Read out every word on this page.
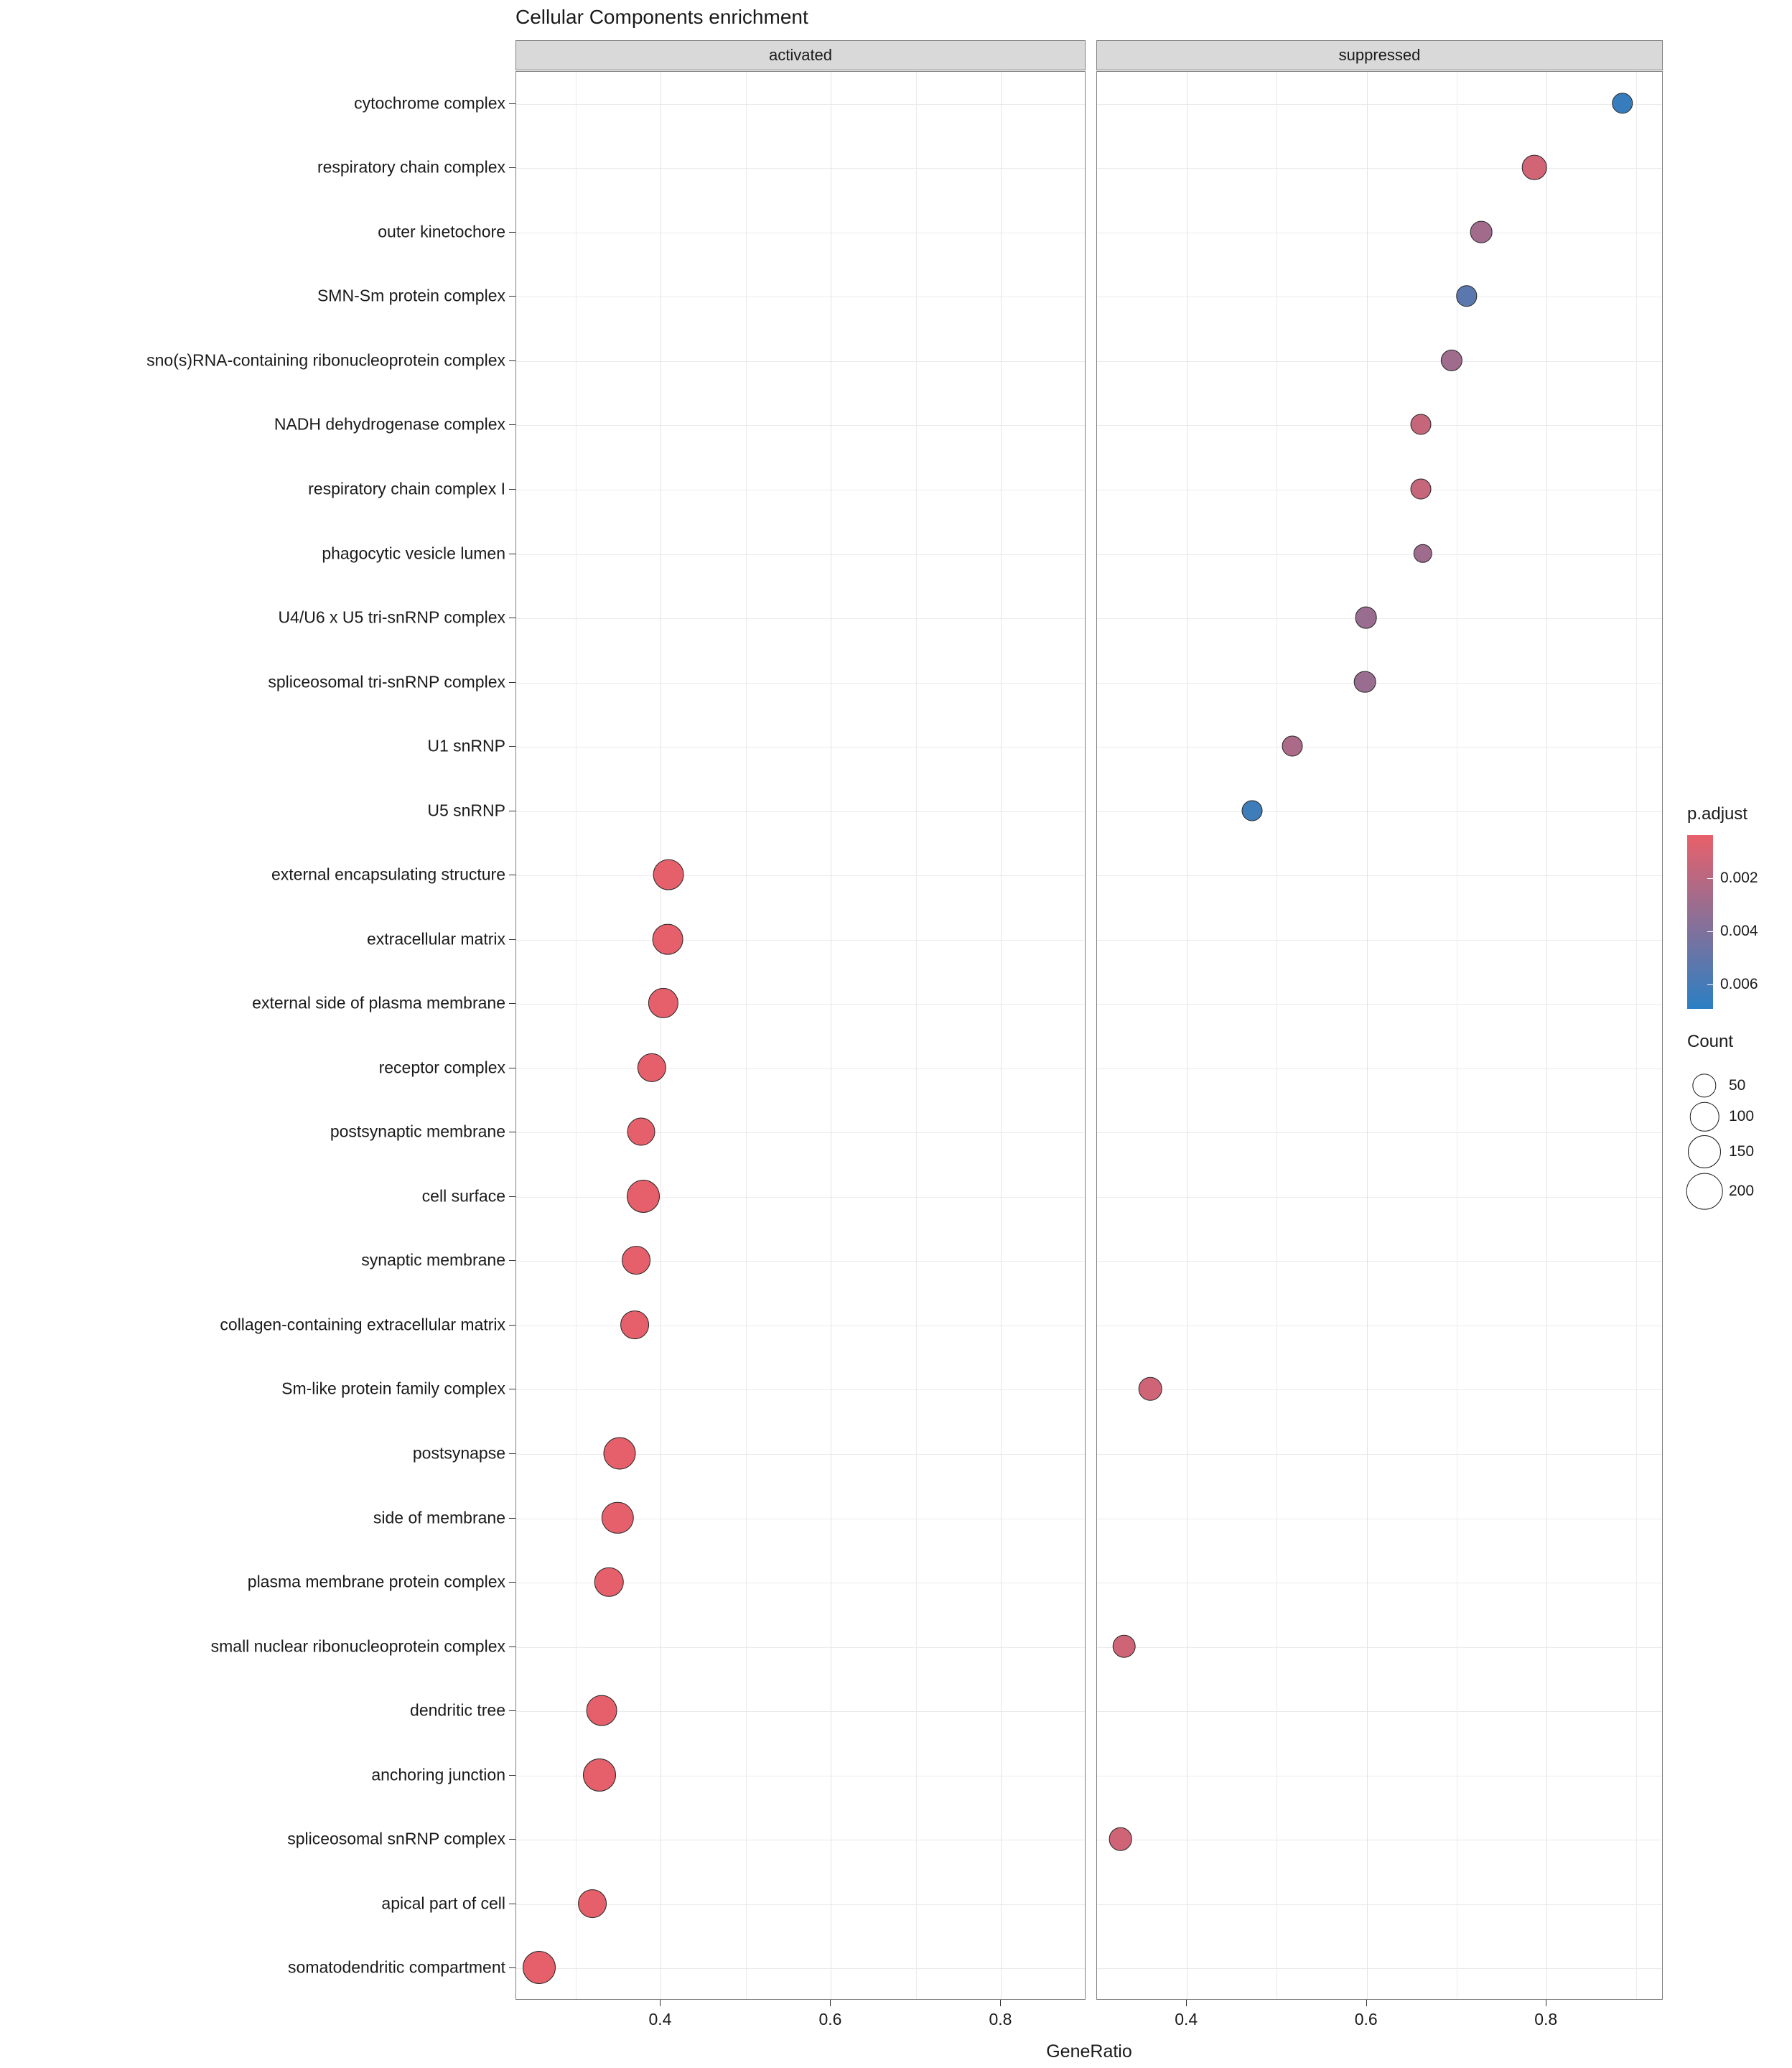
Cellular Components enrichment
activated
0.4	0.6	0.8
suppressed
0.4	0.6	0.8
cytochrome complex
respiratory chain complex
outer kinetochore
SMN-Sm protein complex
sno(s)RNA-containing ribonucleoprotein complex
NADH dehydrogenase complex
respiratory chain complex I
phagocytic vesicle lumen
U4/U6 x U5 tri-snRNP complex
spliceosomal tri-snRNP complex
U1 snRNP
U5 snRNP
external encapsulating structure
extracellular matrix
external side of plasma membrane
receptor complex
postsynaptic membrane
cell surface
synaptic membrane
collagen-containing extracellular matrix
Sm-like protein family complex
postsynapse
side of membrane
plasma membrane protein complex
small nuclear ribonucleoprotein complex
dendritic tree
anchoring junction
spliceosomal snRNP complex
apical part of cell
somatodendritic compartment
GeneRatio
p.adjust
0.002
0.004
0.006
Count
50
100
150
200
